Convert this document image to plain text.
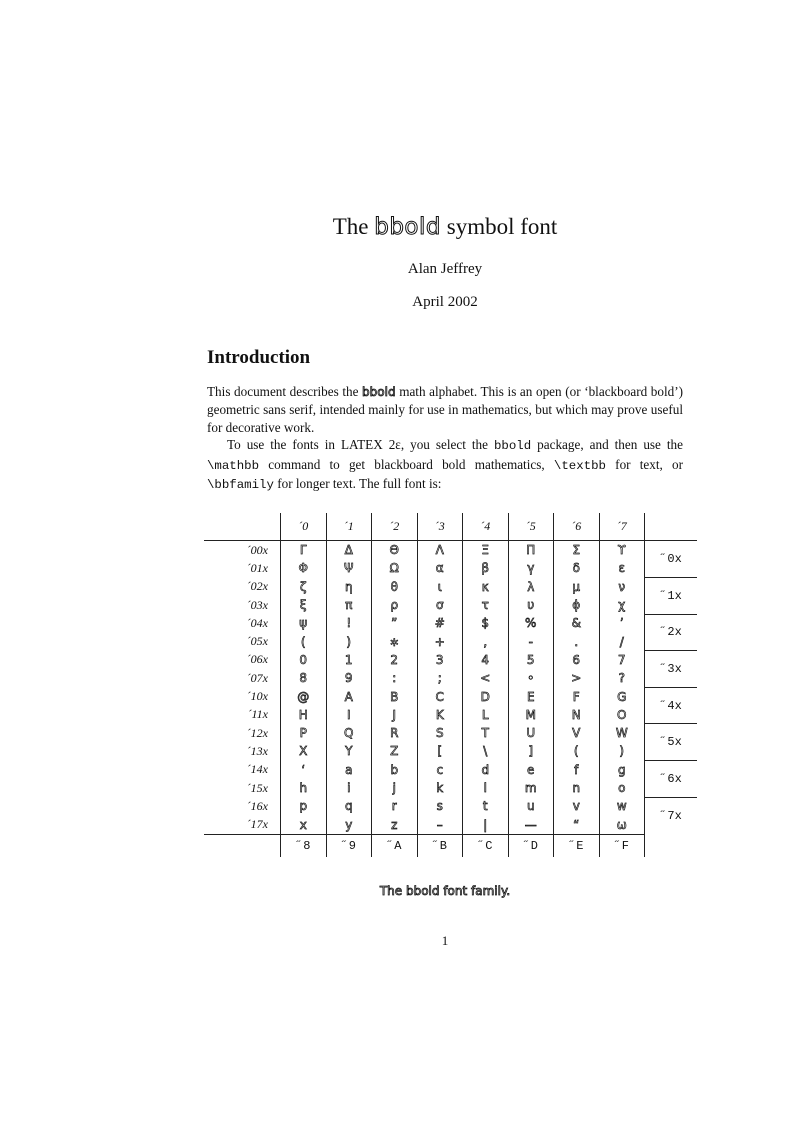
The bbold symbol font
Alan Jeffrey
April 2002
Introduction

This document describes the bbold math alphabet. This is an open (or ‘blackboard bold’) geometric sans serif, intended mainly for use in mathematics, but which may prove useful for decorative work.

To use the fonts in LATEX 2ε, you select the bbold package, and then use the \mathbb command to get blackboard bold mathematics, \textbb for text, or \bbfamily for longer text. The full font is:

	´0	´1	´2	´3	´4	´5	´6	´7	
´00x	Γ	Δ	Θ	Λ	Ξ	Π	Σ	ϒ	˝0x
´01x	Φ	Ψ	Ω	α	β	γ	δ	ε	
´02x	ζ	η	θ	ι	κ	λ	μ	ν	˝1x
´03x	ξ	π	ρ	σ	τ	υ	ϕ	χ	
´04x	ψ	!	”	#	$	%	&	’	˝2x
´05x	(	)	∗	+	,	-	.	/	
´06x	0	1	2	3	4	5	6	7	˝3x
´07x	8	9	:	;	<	◦	>	?	
´10x	@	A	B	C	D	E	F	G	˝4x
´11x	H	I	J	K	L	M	N	O	
´12x	P	Q	R	S	T	U	V	W	˝5x
´13x	X	Y	Z	[	\	]	(	)	
´14x	‘	a	b	c	d	e	f	g	˝6x
´15x	h	i	j	k	l	m	n	o	
´16x	p	q	r	s	t	u	v	w	˝7x
´17x	x	y	z	–	|	—	“	ω	
	˝8	˝9	˝A	˝B	˝C	˝D	˝E	˝F	
The bbold font family.
1
